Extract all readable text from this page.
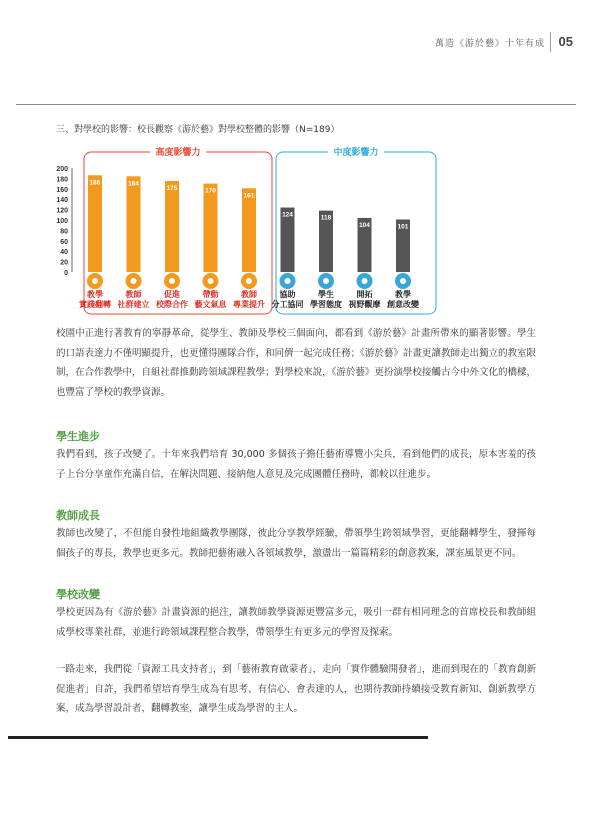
萬造《游於藝》十年有成 05
三、對學校的影響：校長觀察《游於藝》對學校整體的影響（N=189）
高度影響力	中度影響力
0
20
40
60
80
100
120
140
160
180
200
186
教學
實踐翻轉
184
教師
社群建立
175
促進
校際合作
170
帶動
藝文氣息
161
教師
專業提升
124
協助
分工協同
118
學生
學習態度
104
開拓
視野觀摩
101
教學
創意改變

校園中正進行著教育的寧靜革命，從學生、教師及學校三個面向，都看到《游於藝》計畫所帶來的顯著影響。學生的口語表達力不僅明顯提升，也更懂得團隊合作，和同儕一起完成任務；《游於藝》計畫更讓教師走出獨立的教室限制，在合作教學中，自組社群推動跨領域課程教學；對學校來說，《游於藝》更扮演學校接觸古今中外文化的橋樑，也豐富了學校的教學資源。

學生進步

我們看到，孩子改變了。十年來我們培育 30,000 多個孩子擔任藝術導覽小尖兵，看到他們的成長，原本害羞的孩子上台分享童作充滿自信，在解決問題、接納他人意見及完成團體任務時，都較以往進步。

教師成長

教師也改變了，不但能自發性地組織教學團隊，彼此分享教學經驗，帶領學生跨領域學習，更能翻轉學生，發揮每個孩子的專長，教學也更多元。教師把藝術融入各領域教學，激盪出一篇篇精彩的創意教案，課室風景更不同。

學校改變

學校更因為有《游於藝》計畫資源的挹注，讓教師教學資源更豐富多元，吸引一群有相同理念的首席校長和教師組成學校專業社群，並進行跨領域課程整合教學，帶領學生有更多元的學習及探索。

一路走來，我們從「資源工具支持者」，到「藝術教育啟蒙者」，走向「實作體驗開發者」，進而到現在的「教育創新促進者」自許，我們希望培育學生成為有思考、有信心、會表達的人，也期待教師持續接受教育新知、創新教學方案，成為學習設計者，翻轉教室，讓學生成為學習的主人。
